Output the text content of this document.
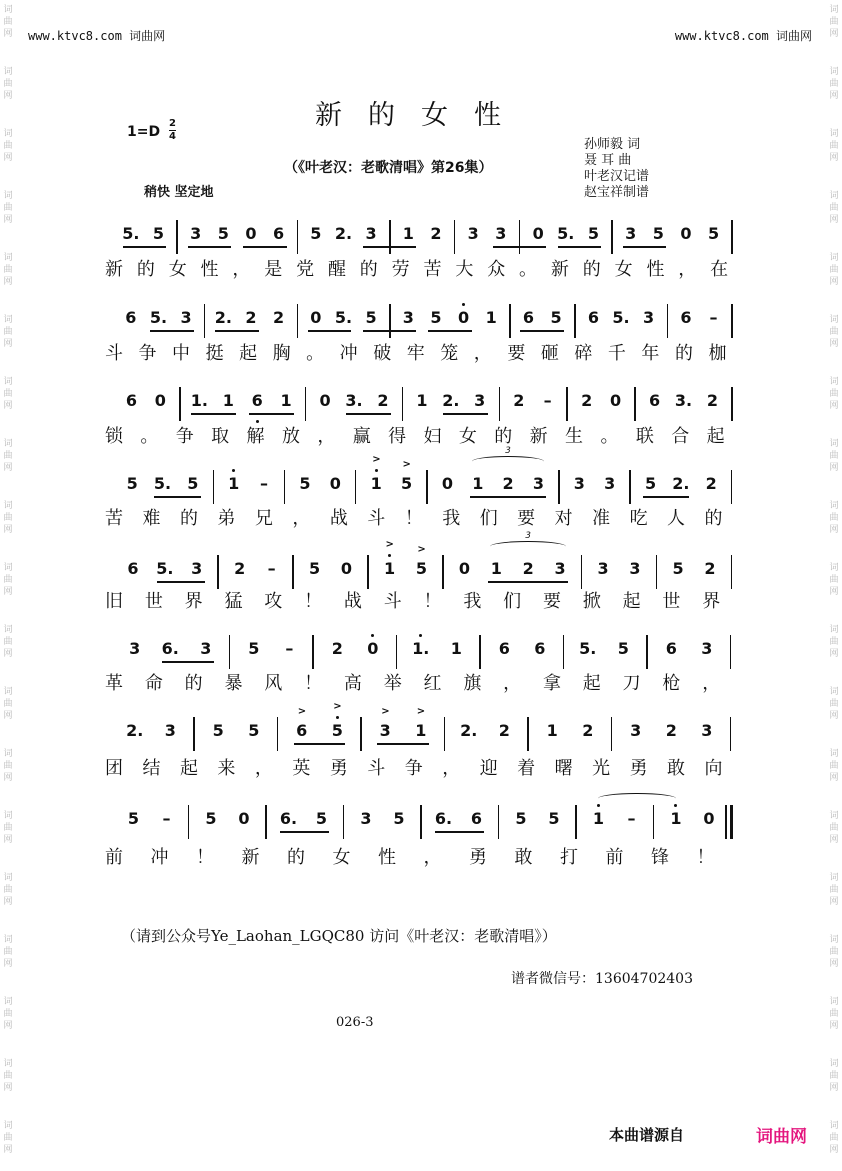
词
曲
网
词
曲
网
词
曲
网
词
曲
网
词
曲
网
词
曲
网
词
曲
网
词
曲
网
词
曲
网
词
曲
网
词
曲
网
词
曲
网
词
曲
网
词
曲
网
词
曲
网
词
曲
网
词
曲
网
词
曲
网
词
曲
网
词
曲
网
词
曲
网
词
曲
网
词
曲
网
词
曲
网
词
曲
网
词
曲
网
词
曲
网
词
曲
网
词
曲
网
词
曲
网
词
曲
网
词
曲
网
词
曲
网
词
曲
网
词
曲
网
词
曲
网
词
曲
网
词
曲
网
www.ktvc8.com 词曲网	www.ktvc8.com 词曲网
新的女性
1=D
2
4
（《叶老汉：老歌清唱》第26集）
稍快 坚定地
孙师毅 词
聂 耳 曲
叶老汉记谱
赵宝祥制谱
5. 5 3 5 0 6 5 2. 3 1 2 3 3 0 5. 5 3 5 0 5
新 的 女 性 ， 是 党 醒 的 劳 苦 大 众 。 新 的 女 性 ， 在
6 5. 3 2. 2 2 0 5. 5 3 5 0 1 6 5 6 5. 3 6	–
斗 争 中 挺 起 胸 。 冲 破 牢 笼 ， 要 砸 碎 千 年 的 枷
6 0 1. 1 6 1 0 3. 2 1 2. 3 2	–	2 0 6 3. 2
锁 。 争 取 解 放 ， 赢 得 妇 女 的 新 生 。 联 合 起
5 5. 5 1	–	5 0 1 5 0 1 2 3 3 3 5 2. 2
> >
3
苦 难 的 弟 兄 ， 战 斗 ！ 我 们 要 对 准 吃 人 的
6 5. 3 2	–	5 0 1 5 0 1 2 3 3 3 5 2
> >
3
旧 世 界 猛 攻 ！ 战 斗 ！ 我 们 要 掀 起 世 界
3 6. 3 5	–	2 0 1. 1 6 6 5. 5 6 3
革 命 的 暴 风 ！ 高 举 红 旗 ， 拿 起 刀 枪 ，
2. 3 5 5 6 5 3 1 2. 2 1 2 3 2 3
>	>	>	>
团 结 起 来 ， 英 勇 斗 争 ， 迎 着 曙 光 勇 敢 向
5	–	5 0 6. 5 3 5 6. 6 5 5 1	–	1 0
前 冲 ！ 新 的 女 性 ， 勇 敢 打 前 锋 ！
（请到公众号Ye_Laohan_LGQC80 访问《叶老汉：老歌清唱》）
谱者微信号：13604702403
026-3
本曲谱源自	词曲网
